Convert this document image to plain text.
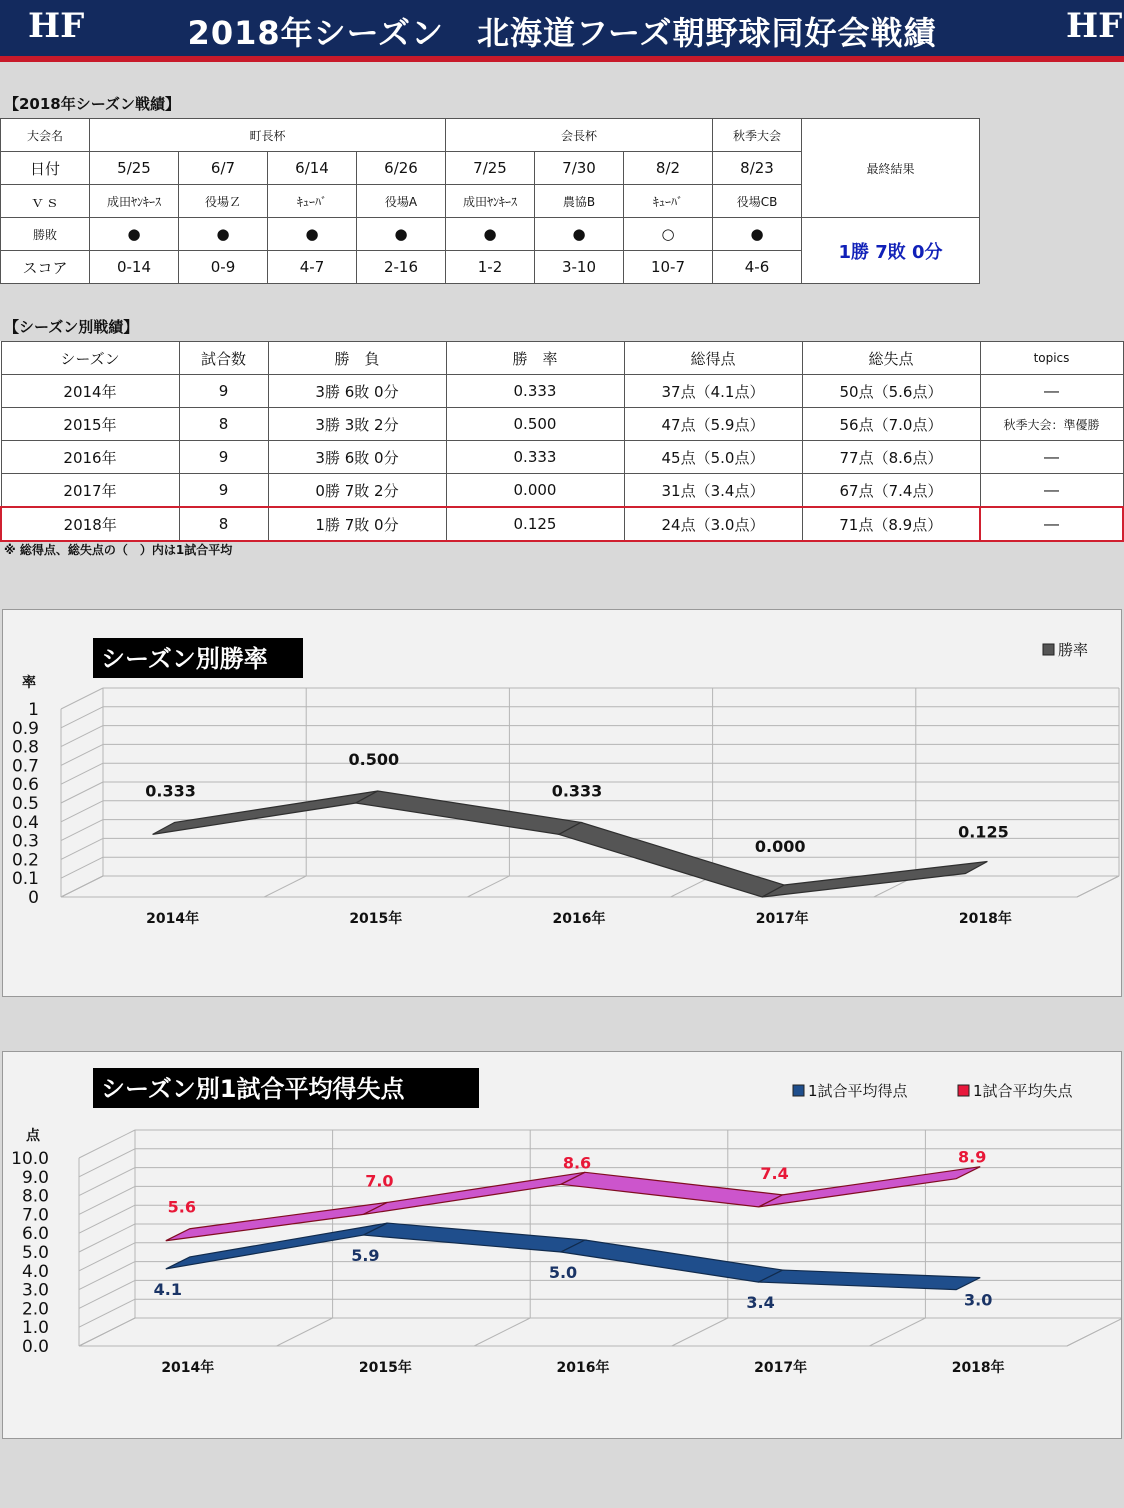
HF	2018年シーズン　北海道フーズ朝野球同好会戦績	HF
【2018年シーズン戦績】
大会名	町長杯				会長杯			秋季大会	最終結果
日付	5/25	6/7	6/14	6/26	7/25	7/30	8/2	8/23	
ｖｓ	成田ﾔﾝｷｰｽ	役場Ｚ	ｷｭｰﾊﾞ	役場A	成田ﾔﾝｷｰｽ	農協B	ｷｭｰﾊﾞ	役場CB	
勝敗	●	●	●	●	●	●	○	●	1勝 7敗 0分
スコア	0-14	0-9	4-7	2-16	1-2	3-10	10-7	4-6	
【シーズン別戦績】
シーズン	試合数	勝　負	勝　率	総得点	総失点	topics
2014年	9	3勝 6敗 0分	0.333	37点（4.1点）	50点（5.6点）	―
2015年	8	3勝 3敗 2分	0.500	47点（5.9点）	56点（7.0点）	秋季大会：準優勝
2016年	9	3勝 6敗 0分	0.333	45点（5.0点）	77点（8.6点）	―
2017年	9	0勝 7敗 2分	0.000	31点（3.4点）	67点（7.4点）	―
2018年	8	1勝 7敗 0分	0.125	24点（3.0点）	71点（8.9点）	―
※ 総得点、総失点の（　）内は1試合平均
0
0.1
0.2
0.3
0.4
0.5
0.6
0.7
0.8
0.9
1
2014年	2015年	2016年	2017年	2018年
0.333
0.500
0.333
0.000
0.125
シーズン別勝率
率
勝率
0.0
1.0
2.0
3.0
4.0
5.0
6.0
7.0
8.0
9.0
10.0
2014年	2015年	2016年	2017年	2018年
4.1
5.9
5.0
3.4	3.0
5.6
7.0
8.6
7.4
8.9
シーズン別1試合平均得失点
点
1試合平均得点	1試合平均失点
